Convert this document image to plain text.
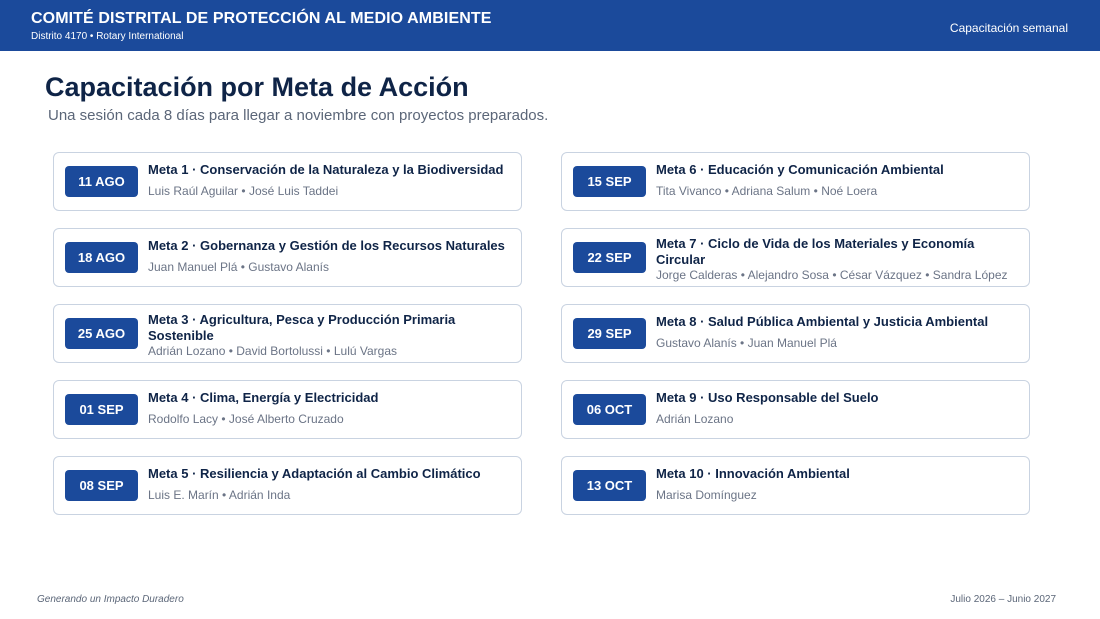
COMITÉ DISTRITAL DE PROTECCIÓN AL MEDIO AMBIENTE
Distrito 4170 • Rotary International
Capacitación semanal
Capacitación por Meta de Acción
Una sesión cada 8 días para llegar a noviembre con proyectos preparados.
11 AGO
Meta 1 · Conservación de la Naturaleza y la Biodiversidad
Luis Raúl Aguilar • José Luis Taddei
18 AGO
Meta 2 · Gobernanza y Gestión de los Recursos Naturales
Juan Manuel Plá • Gustavo Alanís
25 AGO
Meta 3 · Agricultura, Pesca y Producción Primaria Sostenible
Adrián Lozano • David Bortolussi • Lulú Vargas
01 SEP
Meta 4 · Clima, Energía y Electricidad
Rodolfo Lacy • José Alberto Cruzado
08 SEP
Meta 5 · Resiliencia y Adaptación al Cambio Climático
Luis E. Marín • Adrián Inda
15 SEP
Meta 6 · Educación y Comunicación Ambiental
Tita Vivanco • Adriana Salum • Noé Loera
22 SEP
Meta 7 · Ciclo de Vida de los Materiales y Economía Circular
Jorge Calderas • Alejandro Sosa • César Vázquez • Sandra López
29 SEP
Meta 8 · Salud Pública Ambiental y Justicia Ambiental
Gustavo Alanís • Juan Manuel Plá
06 OCT
Meta 9 · Uso Responsable del Suelo
Adrián Lozano
13 OCT
Meta 10 · Innovación Ambiental
Marisa Domínguez
Generando un Impacto Duradero	Julio 2026 – Junio 2027
